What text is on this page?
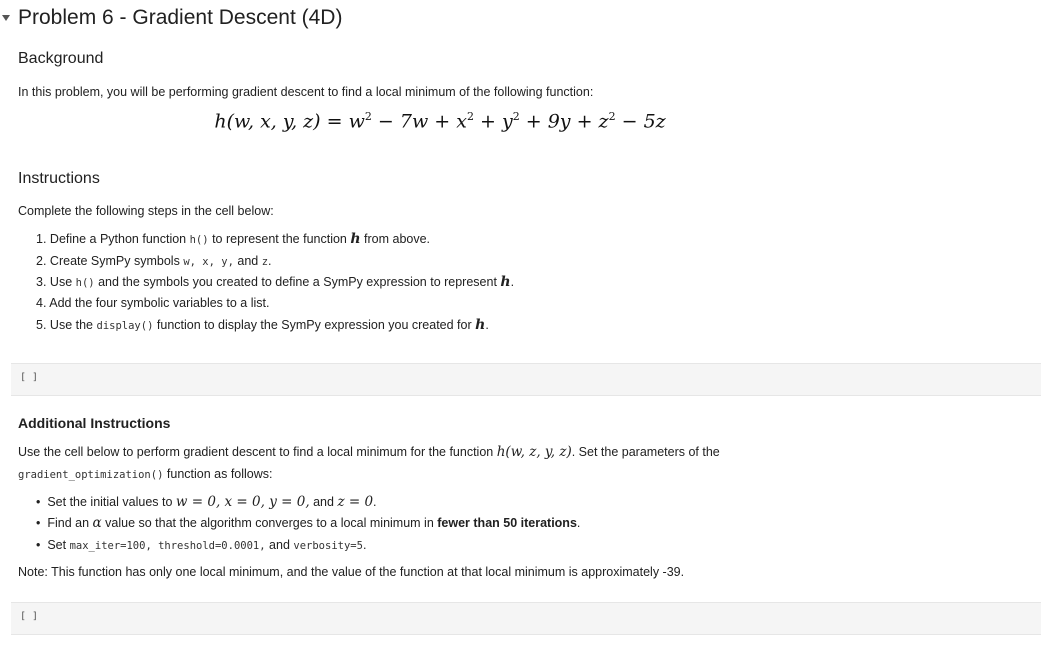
Problem 6 - Gradient Descent (4D)
Background
In this problem, you will be performing gradient descent to find a local minimum of the following function:
h(w, x, y, $z) = w^2 - 7w + x^2 + y^2 + 9y + z^2 - 5z$
Instructions
Complete the following steps in the cell below:
1. Define a Python function h() to represent the function h from above.
2. Create SymPy symbols w, x, y, and z.
3. Use h() and the symbols you created to define a SymPy expression to represent h.
4. Add the four symbolic variables to a list.
5. Use the display() function to display the SymPy expression you created for h.
[ ]
Additional Instructions
Use the cell below to perform gradient descent to find a local minimum for the function h(w, z, y, z). Set the parameters of the
gradient_optimization() function as follows:
• Set the initial values to w = 0, x = 0, y = 0, and z = 0.
• Find an α value so that the algorithm converges to a local minimum in fewer than 50 iterations.
• Set max_iter=100, threshold=0.0001, and verbosity=5.
Note: This function has only one local minimum, and the value of the function at that local minimum is approximately -39.
[ ]
